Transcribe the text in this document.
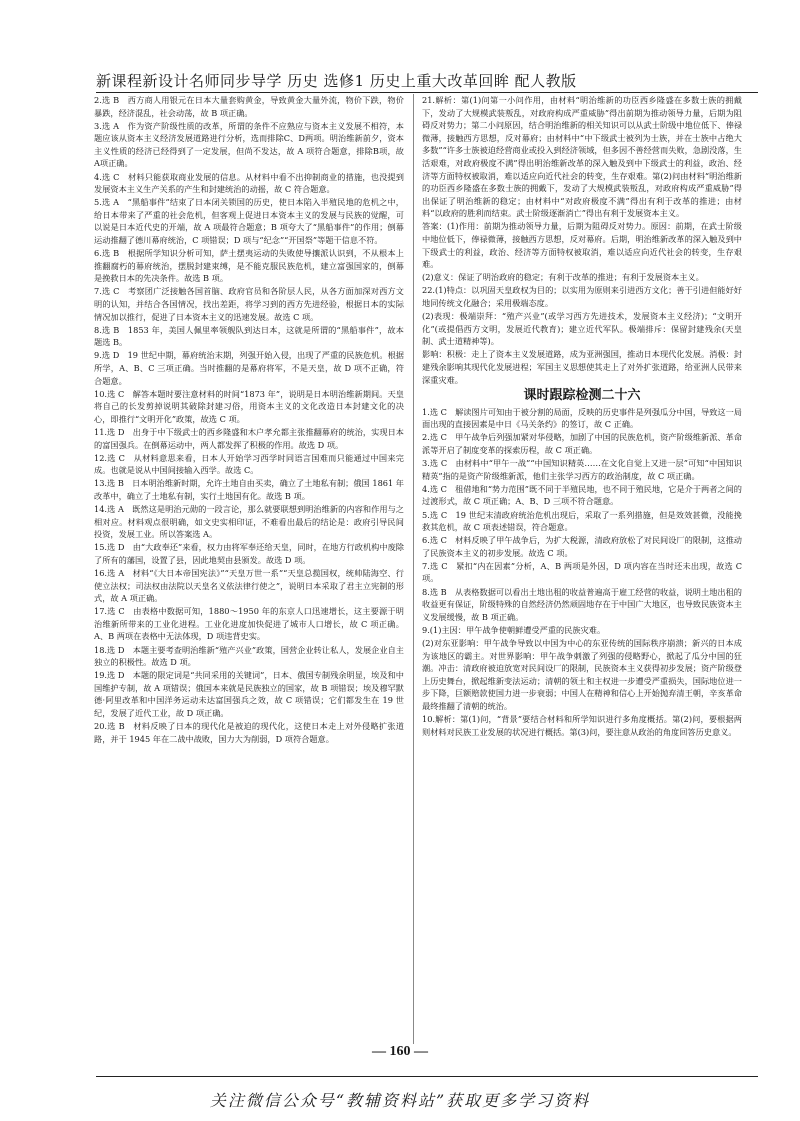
新课程新设计名师同步导学 历史 选修1 历史上重大改革回眸 配人教版

2.选 B　西方商人用银元在日本大量套购黄金，导致黄金大量外流，物价下跌，物价暴跌，经济混乱，社会动荡，故 B 项正确。

3.选 A　作为资产阶级性质的改革，所谓的条件不应熟应与资本主义发展不相符，本题应该从资本主义经济发展道路进行分析，选而排除C、D两项。明治维新前夕，资本主义性质的经济已经得到了一定发展，但尚不发达，故 A 项符合题意，排除B项，故 A项正确。

4.选 C　材料只能获取商业发展的信息。从材料中看不出抑制商业的措施，也没提到发展资本主义生产关系的产生和封建统治的动摇，故 C 符合题意。

5.选 A　“黑船事件”结束了日本闭关锁国的历史，使日本陷入半殖民地的危机之中，给日本带来了严重的社会危机，但客观上促进日本资本主义的发展与民族的觉醒，可以说是日本近代史的开端，故 A 项最符合题意；B 项夸大了“黑船事件”的作用；倒幕运动推翻了德川幕府统治，C 项错误；D 项与“纪念”“开国祭”等题干信息不符。

6.选 B　根据所学知识分析可知，萨土摆夷运动的失败使导攘派认识到，不从根本上推翻腐朽的幕府统治，摆脱封建束缚，是不能克服民族危机，建立富强国家的，倒幕是挽救日本的先决条件。故选 B 项。

7.选 C　考察团广泛接触各国首脑、政府官员和各阶层人民，从各方面加深对西方文明的认知，并结合各国情况，找出差距，将学习到的西方先进经验，根据日本的实际情况加以推行，促进了日本资本主义的迅速发展。故选 C 项。

8.选 B　1853 年，美国人佩里率领舰队到达日本，这就是所谓的“黑船事件”，故本题选 B。

9.选 D　19 世纪中期，幕府统治末期，列强开始入侵，出现了严重的民族危机。根据所学，A、B、C 三项正确。当时推翻的是幕府将军，不是天皇，故 D 项不正确，符合题意。

10.选 C　解答本题时要注意材料的时间“1873 年”，说明是日本明治维新期间。天皇将自己的长发剪掉说明其破除封建习俗，用资本主义的文化改造日本封建文化的决心，即推行“文明开化”政策，故选 C 项。

11.选 D　出身于中下级武士的西乡隆盛和木户孝允都主张推翻幕府的统治，实现日本的富国强兵。在倒幕运动中，两人都发挥了积极的作用。故选 D 项。

12.选 C　从材料意思来看，日本人开始学习西学时同语言国难而只能通过中国来完成。也就是说从中国间接输入西学。故选 C。

13.选 B　日本明治维新时期，允许土地自由买卖，确立了土地私有制；俄国 1861 年改革中，确立了土地私有制，实行土地国有化。故选 B 项。

14.选 A　既然这是明治元勋的一段言论，那么就要联想到明治维新的内容和作用与之相对应。材料观点很明确，如文史实相印证，不难看出最后的结论是：政府引导民间投资，发展工业。所以答案选 A。

15.选 D　由“大政奉还”来看，权力由将军奉还给天皇，同时，在地方行政机构中废除了所有的藩国，设置了县，因此地契由县颁发。故选 D 项。

16.选 A　材料“《大日本帝国宪法》”“天皇万世一系”“天皇总揽国权，统帅陆海空、行使立法权；司法权由法院以天皇名义依法律行使之”，说明日本采取了君主立宪制的形式，故 A 项正确。

17.选 C　由表格中数据可知，1880～1950 年的东京人口迅速增长，这主要源于明治维新所带来的工业化进程。工业化进度加快促进了城市人口增长，故 C 项正确。A、B 两项在表格中无法体现，D 项违背史实。

18.选 D　本题主要考查明治维新“殖产兴业”政策，国营企业转让私人，发展企业自主独立的积极性。故选 D 项。

19.选 D　本题的限定词是“共同采用的关键词”，日本、俄国专制残余明显，埃及和中国维护专制，故 A 项错误；俄国本来就是民族独立的国家，故 B 项错误；埃及穆罕默德·阿里改革和中国洋务运动未达富国强兵之效，故 C 项错误；它们都发生在 19 世纪，发展了近代工业，故 D 项正确。

20.选 B　材料反映了日本的现代化是被迫的现代化，这使日本走上对外侵略扩张道路，并于 1945 年在二战中战败，国力大为削弱，D 项符合题意。

21.解析：第(1)问第一小问作用，由材料“明治维新的功臣西乡隆盛在多数士族的拥戴下，发动了大规模武装叛乱，对政府构成严重威胁”得出前期为推动领导力量，后期为阻碍反对势力；第二小问原因，结合明治维新的相关知识可以从武士阶级中地位低下、俸禄微薄，接触西方思想，反对幕府；由材料中“中下级武士被列为士族，并在士族中占绝大多数”“许多士族被迫经营商业或投入到经济领域，但多因不善经营而失败，急剧没落，生活艰难，对政府极度不满”得出明治维新改革的深入触及到中下级武士的利益，政治、经济等方面特权被取消，难以适应向近代社会的转变，生存艰难。第(2)问由材料“明治维新的功臣西乡隆盛在多数士族的拥戴下，发动了大规模武装叛乱，对政府构成严重威胁”得出保证了明治维新的稳定；由材料中“对政府极度不满”得出有利于改革的推进；由材料“以政府的胜利而结束。武士阶级逐渐消亡”得出有利于发展资本主义。

答案：(1)作用：前期为推动领导力量，后期为阻碍反对势力。原因：前期，在武士阶级中地位低下，俸禄微薄，接触西方思想，反对幕府。后期，明治维新改革的深入触及到中下级武士的利益，政治、经济等方面特权被取消，难以适应向近代社会的转变，生存艰难。

(2)意义：保证了明治政府的稳定；有利于改革的推进；有利于发展资本主义。

22.(1)特点：以巩固天皇政权为目的；以实用为原则来引进西方文化；善于引进但能好好地同传统文化融合；采用极端态度。

(2)表现：极端崇拜：“殖产兴业”(或学习西方先进技术，发展资本主义经济)；“文明开化”(或提倡西方文明，发展近代教育)；建立近代军队。极端排斥：保留封建残余(天皇制、武士道精神等)。

影响：积极：走上了资本主义发展道路，成为亚洲强国，推动日本现代化发展。消极：封建残余影响其现代化发展进程；军国主义思想使其走上了对外扩张道路，给亚洲人民带来深重灾难。

课时跟踪检测二十六

1.选 C　解读图片可知由于被分割的局面，反映的历史事件是列强瓜分中国，导致这一局面出现的直接因素是中日《马关条约》的签订，故 C 正确。

2.选 C　甲午战争后列强加紧对华侵略，加剧了中国的民族危机，资产阶级维新派、革命派等开启了制度变革的探索历程，故 C 项正确。

3.选 C　由材料中“甲午一战”“中国知识精英……在文化自觉上又进一层”可知“中国知识精英”指的是资产阶级维新派，他们主张学习西方的政治制度，故 C 项正确。

4.选 C　租借地和“势力范围”既不同于半殖民地，也不同于殖民地，它是介于两者之间的过渡形式，故 C 项正确；A、B、D 三项不符合题意。

5.选 C　19 世纪末清政府统治危机出现后，采取了一系列措施，但是效效甚微，没能挽救其危机，故 C 项表述错误，符合题意。

6.选 C　材料反映了甲午战争后，为扩大税源，清政府放松了对民间设厂的限制，这推动了民族资本主义的初步发展。故选 C 项。

7.选 C　紧扣“内在因素”分析，A、B 两项是外因，D 项内容在当时还未出现，故选 C 项。

8.选 B　从表格数据可以看出土地出租的收益普遍高于雇工经营的收益，说明土地出租的收益更有保证，阶级特殊的自然经济仍然顽固地存在于中国广大地区，也导致民族资本主义发展缓慢，故 B 项正确。

9.(1)主因：甲午战争使朝鲜遭受严重的民族灾难。

(2)对东亚影响：甲午战争导致以中国为中心的东亚传统的国际秩序崩溃；新兴的日本成为该地区的霸主。对世界影响：甲午战争刺激了列强的侵略野心，掀起了瓜分中国的狂潮。冲击：清政府被迫放宽对民间设厂的限制，民族资本主义获得初步发展；资产阶级登上历史舞台，掀起维新变法运动；清朝的领土和主权进一步遭受严重损失，国际地位进一步下降，巨额赔款使国力进一步衰弱；中国人在精神和信心上开始抛弃清王朝，辛亥革命最终推翻了清朝的统治。

10.解析：第(1)问，“背景”要结合材料和所学知识进行多角度概括。第(2)问，要根据两则材料对民族工业发展的状况进行概括。第(3)问，要注意从政治的角度回答历史意义。

— 160 —
关注微信公众号“教辅资料站”获取更多学习资料
